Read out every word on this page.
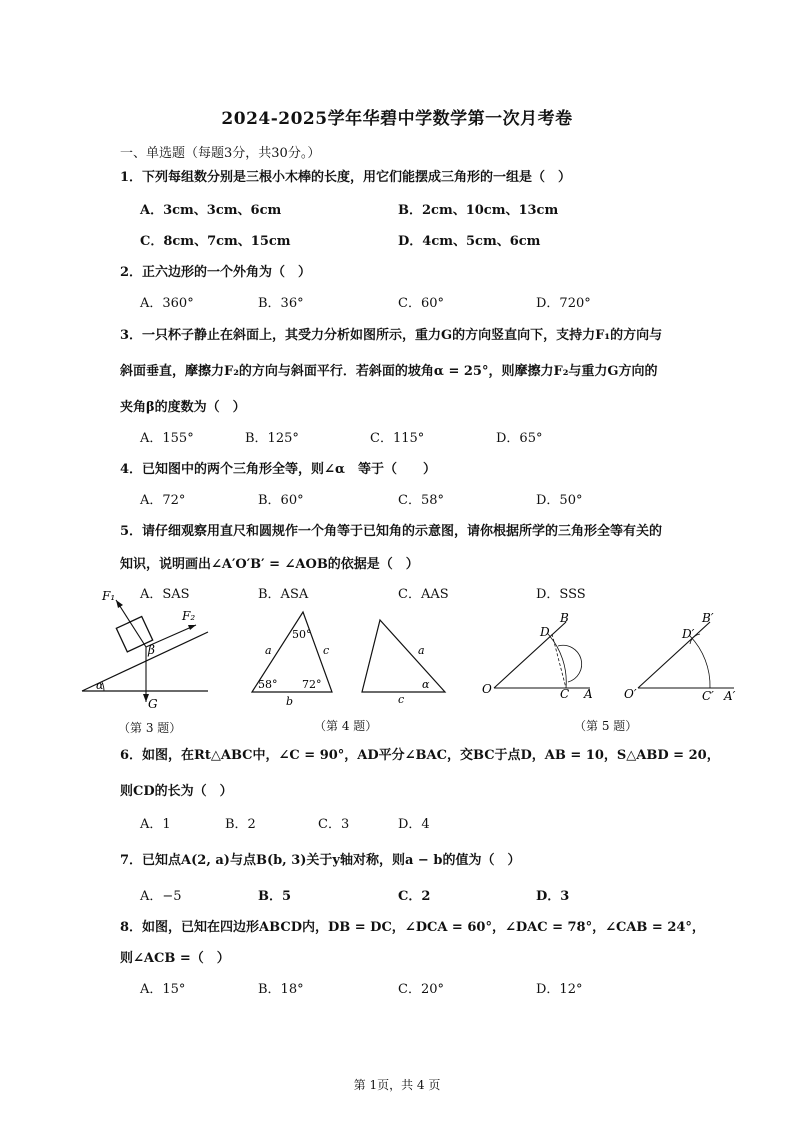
2024-2025学年华碧中学数学第一次月考卷
一、单选题（每题3分，共30分。）
1．下列每组数分别是三根小木棒的长度，用它们能摆成三角形的一组是（　）
A．3cm、3cm、6cm	B．2cm、10cm、13cm
C．8cm、7cm、15cm	D．4cm、5cm、6cm
2．正六边形的一个外角为（　）
A．360°	B．36°	C．60°	D．720°
3．一只杯子静止在斜面上，其受力分析如图所示，重力G的方向竖直向下，支持力F₁的方向与
斜面垂直，摩擦力F₂的方向与斜面平行．若斜面的坡角α = 25°，则摩擦力F₂与重力G方向的
夹角β的度数为（　）
A．155°	B．125°	C．115°	D．65°
4．已知图中的两个三角形全等，则∠α　等于（　　）
A．72°	B．60°	C．58°	D．50°
5．请仔细观察用直尺和圆规作一个角等于已知角的示意图，请你根据所学的三角形全等有关的
知识，说明画出∠A′O′B′ = ∠AOB的依据是（　）
A．SAS	B．ASA	C．AAS	D．SSS
F₁
F₂
β
α
G
50°
a	c
58° 72°
b
a
α
c
O	A
B
C
D
O′	A′
B′
C′
D′
（第 3 题）	（第 4 题）	（第 5 题）
6．如图，在Rt△ABC中，∠C = 90°，AD平分∠BAC，交BC于点D，AB = 10，S△ABD = 20，
则CD的长为（　）
A．1	B．2	C．3	D．4
7．已知点A(2, a)与点B(b, 3)关于y轴对称，则a − b的值为（　）
A．−5	B．5	C．2	D．3
8．如图，已知在四边形ABCD内，DB = DC，∠DCA = 60°，∠DAC = 78°，∠CAB = 24°，
则∠ACB =（　）
A．15°	B．18°	C．20°	D．12°
第 1页，共 4 页
